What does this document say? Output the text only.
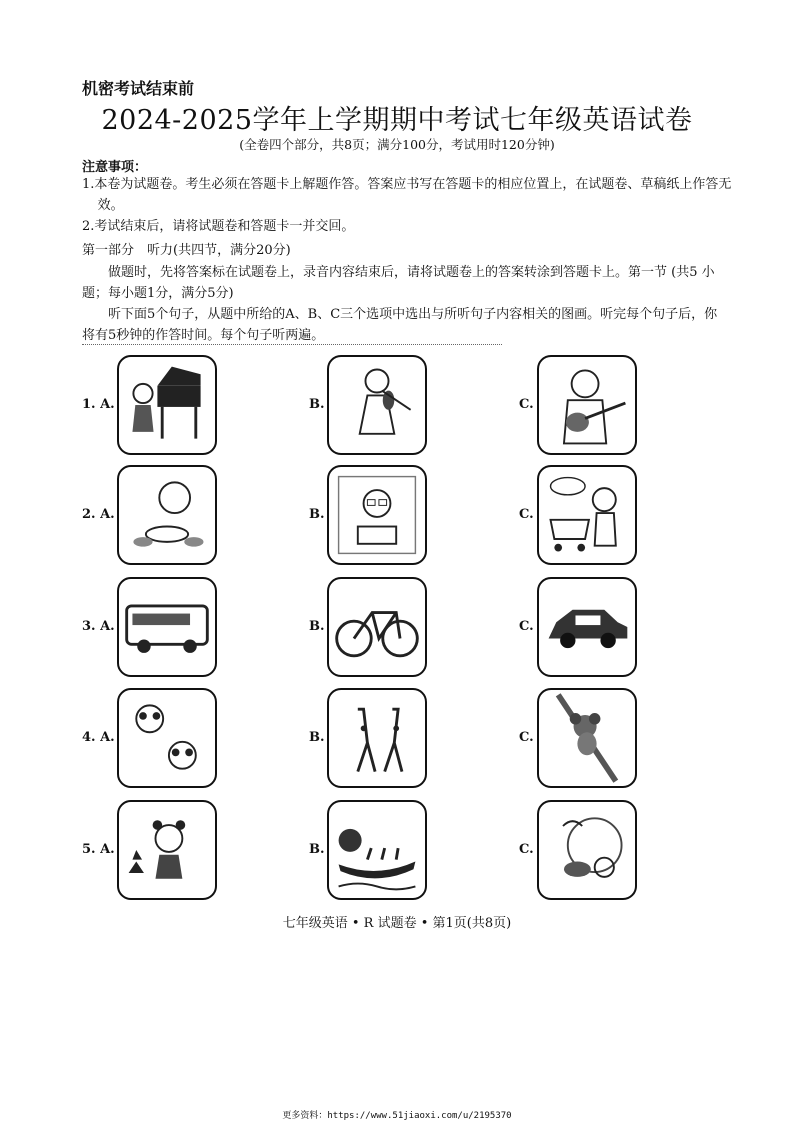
机密考试结束前
2024-2025学年上学期期中考试七年级英语试卷
(全卷四个部分，共8页；满分100分，考试用时120分钟)
注意事项：
1.本卷为试题卷。考生必须在答题卡上解题作答。答案应书写在答题卡的相应位置上，在试题卷、草稿纸上作答无效。
2.考试结束后，请将试题卷和答题卡一并交回。
第一部分　听力(共四节，满分20分)
做题时，先将答案标在试题卷上，录音内容结束后，请将试题卷上的答案转涂到答题卡上。第一节 (共5 小题；每小题1分，满分5分)
听下面5个句子，从题中所给的A、B、C三个选项中选出与所听句子内容相关的图画。听完每个句子后，你将有5秒钟的作答时间。每个句子听两遍。
1. A.	B.	C.
2. A.	B.	C.
3. A.	B.	C.
4. A.	B.	C.
5. A.	B.	C.
七年级英语 • R 试题卷 • 第1页(共8页)
更多资料：https://www.51jiaoxi.com/u/2195370
